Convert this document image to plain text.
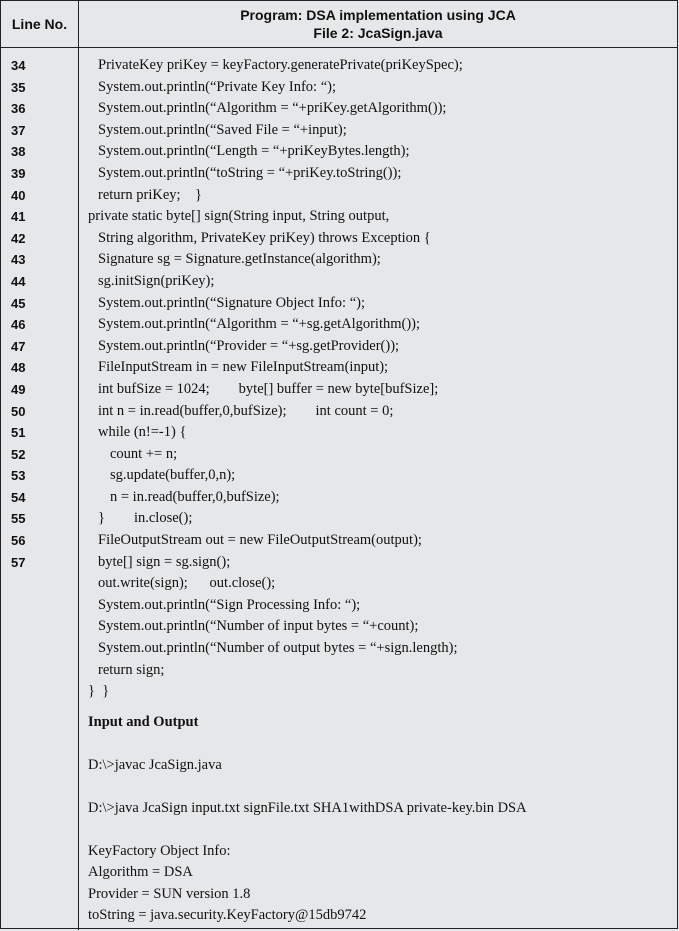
Line No.
Program: DSA implementation using JCA
File 2: JcaSign.java
34
35
36
37
38
39
40
41
42
43
44
45
46
47
48
49
50
51
52
53
54
55
56
57
PrivateKey priKey = keyFactory.generatePrivate(priKeySpec);
System.out.println(“Private Key Info: “);
System.out.println(“Algorithm = “+priKey.getAlgorithm());
System.out.println(“Saved File = “+input);
System.out.println(“Length = “+priKeyBytes.length);
System.out.println(“toString = “+priKey.toString());
return priKey;    }
private static byte[] sign(String input, String output,
String algorithm, PrivateKey priKey) throws Exception {
Signature sg = Signature.getInstance(algorithm);
sg.initSign(priKey);
System.out.println(“Signature Object Info: “);
System.out.println(“Algorithm = “+sg.getAlgorithm());
System.out.println(“Provider = “+sg.getProvider());
FileInputStream in = new FileInputStream(input);
int bufSize = 1024;        byte[] buffer = new byte[bufSize];
int n = in.read(buffer,0,bufSize);        int count = 0;
while (n!=-1) {
count += n;
sg.update(buffer,0,n);
n = in.read(buffer,0,bufSize);
}        in.close();
FileOutputStream out = new FileOutputStream(output);
byte[] sign = sg.sign();
out.write(sign);      out.close();
System.out.println(“Sign Processing Info: “);
System.out.println(“Number of input bytes = “+count);
System.out.println(“Number of output bytes = “+sign.length);
return sign;
}  }
Input and Output
D:\>javac JcaSign.java
D:\>java JcaSign input.txt signFile.txt SHA1withDSA private-key.bin DSA
KeyFactory Object Info:
Algorithm = DSA
Provider = SUN version 1.8
toString = java.security.KeyFactory@15db9742
